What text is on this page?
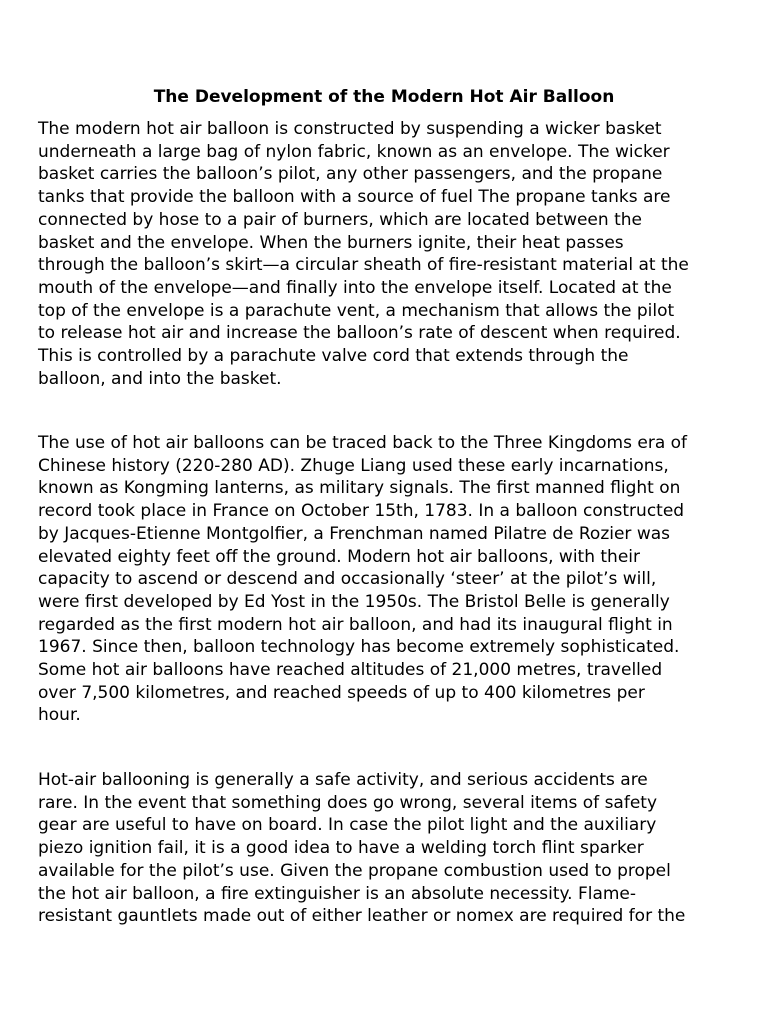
The Development of the Modern Hot Air Balloon
The modern hot air balloon is constructed by suspending a wicker basket
underneath a large bag of nylon fabric, known as an envelope. The wicker
basket carries the balloon’s pilot, any other passengers, and the propane
tanks that provide the balloon with a source of fuel The propane tanks are
connected by hose to a pair of burners, which are located between the
basket and the envelope. When the burners ignite, their heat passes
through the balloon’s skirt—a circular sheath of fire-resistant material at the
mouth of the envelope—and finally into the envelope itself. Located at the
top of the envelope is a parachute vent, a mechanism that allows the pilot
to release hot air and increase the balloon’s rate of descent when required.
This is controlled by a parachute valve cord that extends through the
balloon, and into the basket.
The use of hot air balloons can be traced back to the Three Kingdoms era of
Chinese history (220-280 AD). Zhuge Liang used these early incarnations,
known as Kongming lanterns, as military signals. The first manned flight on
record took place in France on October 15th, 1783. In a balloon constructed
by Jacques-Etienne Montgolfier, a Frenchman named Pilatre de Rozier was
elevated eighty feet off the ground. Modern hot air balloons, with their
capacity to ascend or descend and occasionally ‘steer’ at the pilot’s will,
were first developed by Ed Yost in the 1950s. The Bristol Belle is generally
regarded as the first modern hot air balloon, and had its inaugural flight in
1967. Since then, balloon technology has become extremely sophisticated.
Some hot air balloons have reached altitudes of 21,000 metres, travelled
over 7,500 kilometres, and reached speeds of up to 400 kilometres per
hour.
Hot-air ballooning is generally a safe activity, and serious accidents are
rare. In the event that something does go wrong, several items of safety
gear are useful to have on board. In case the pilot light and the auxiliary
piezo ignition fail, it is a good idea to have a welding torch flint sparker
available for the pilot’s use. Given the propane combustion used to propel
the hot air balloon, a fire extinguisher is an absolute necessity. Flame-
resistant gauntlets made out of either leather or nomex are required for the
